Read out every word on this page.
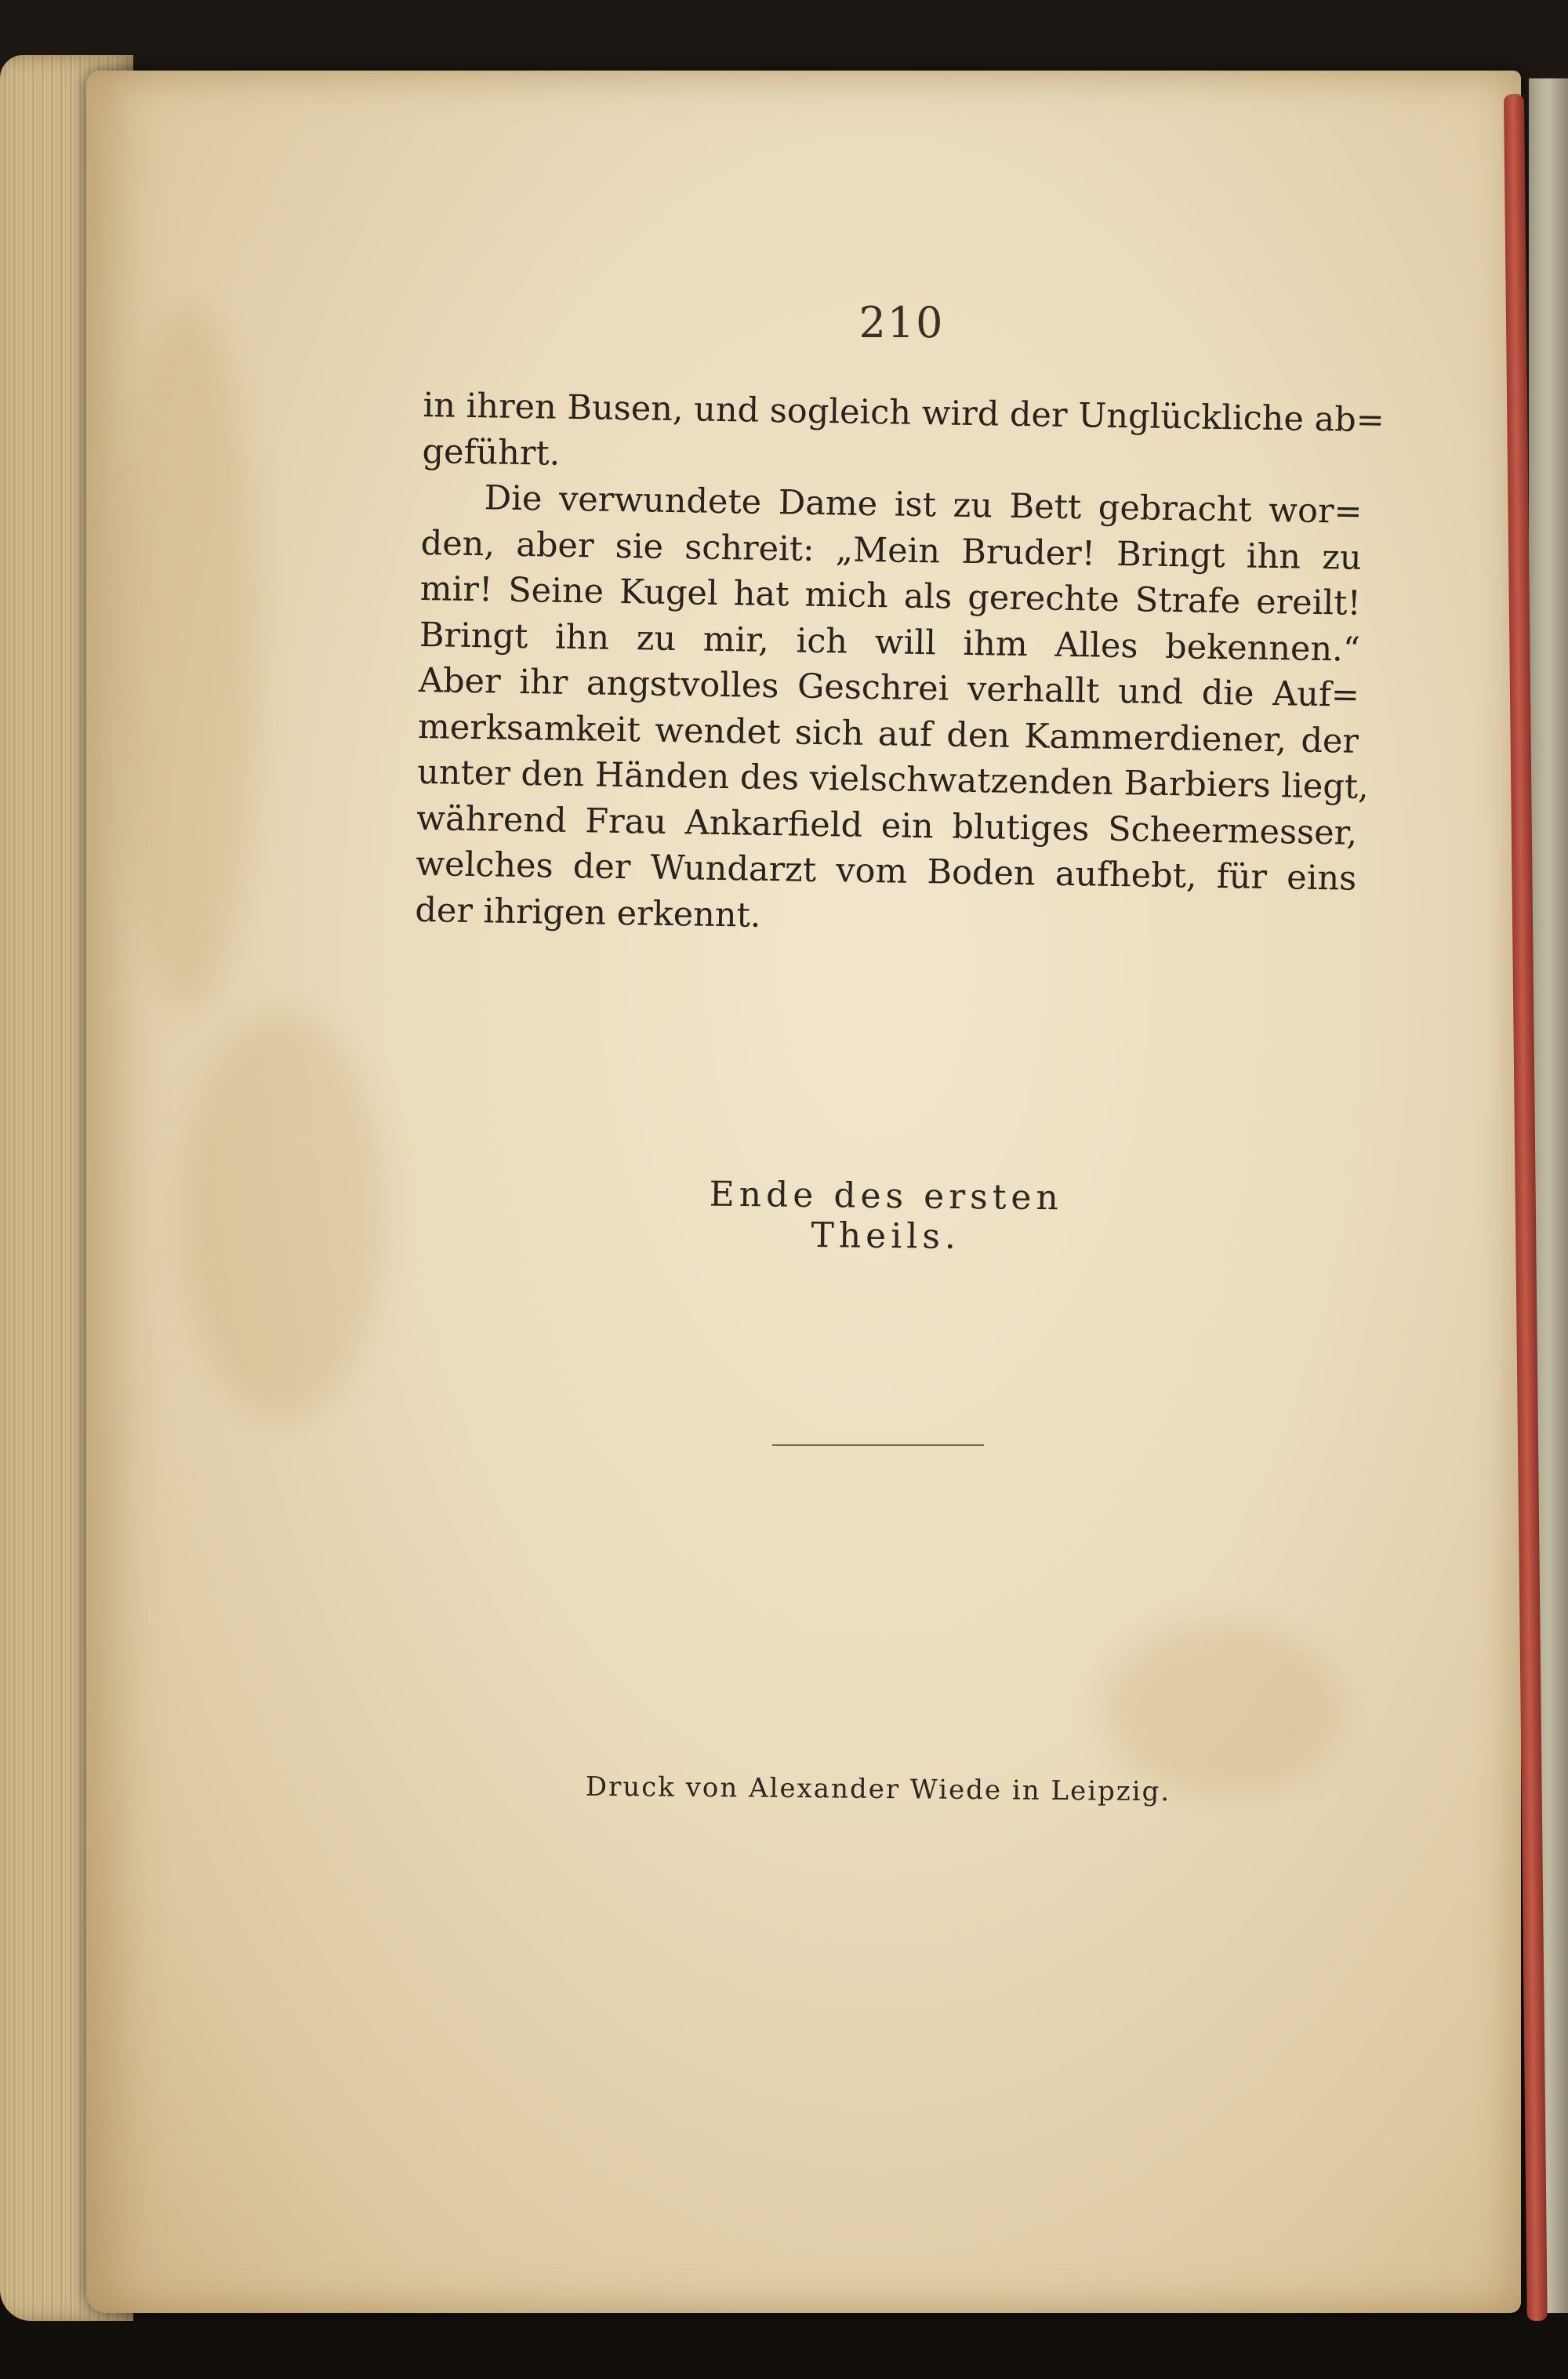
210
in ihren Busen, und sogleich wird der Unglückliche ab=
geführt.
Die verwundete Dame ist zu Bett gebracht wor=
den, aber sie schreit: „Mein Bruder! Bringt ihn zu
mir! Seine Kugel hat mich als gerechte Strafe ereilt!
Bringt ihn zu mir, ich will ihm Alles bekennen.“
Aber ihr angstvolles Geschrei verhallt und die Auf=
merksamkeit wendet sich auf den Kammerdiener, der
unter den Händen des vielschwatzenden Barbiers liegt,
während Frau Ankarfield ein blutiges Scheermesser,
welches der Wundarzt vom Boden aufhebt, für eins
der ihrigen erkennt.
Ende des ersten Theils.
Druck von Alexander Wiede in Leipzig.
